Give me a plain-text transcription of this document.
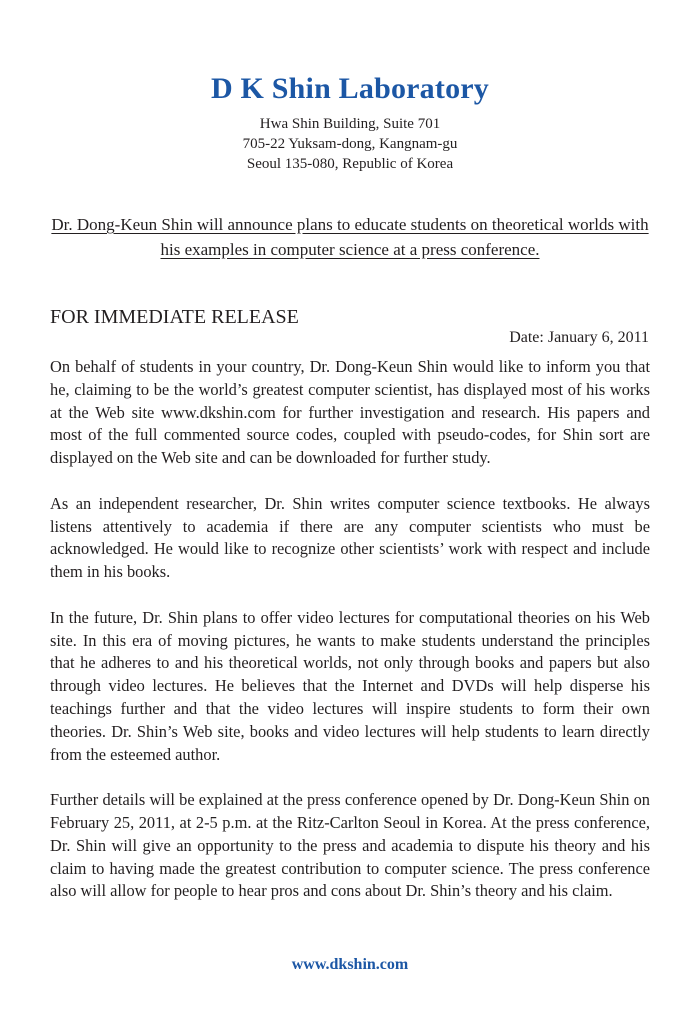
D K Shin Laboratory
Hwa Shin Building, Suite 701
705-22 Yuksam-dong, Kangnam-gu
Seoul 135-080, Republic of Korea
Dr. Dong-Keun Shin will announce plans to educate students on theoretical worlds with his examples in computer science at a press conference.
FOR IMMEDIATE RELEASE
Date: January 6, 2011

On behalf of students in your country, Dr. Dong-Keun Shin would like to inform you that he, claiming to be the world’s greatest computer scientist, has displayed most of his works at the Web site www.dkshin.com for further investigation and research. His papers and most of the full commented source codes, coupled with pseudo-codes, for Shin sort are displayed on the Web site and can be downloaded for further study.

As an independent researcher, Dr. Shin writes computer science textbooks. He always listens attentively to academia if there are any computer scientists who must be acknowledged. He would like to recognize other scientists’ work with respect and include them in his books.

In the future, Dr. Shin plans to offer video lectures for computational theories on his Web site. In this era of moving pictures, he wants to make students understand the principles that he adheres to and his theoretical worlds, not only through books and papers but also through video lectures. He believes that the Internet and DVDs will help disperse his teachings further and that the video lectures will inspire students to form their own theories. Dr. Shin’s Web site, books and video lectures will help students to learn directly from the esteemed author.

Further details will be explained at the press conference opened by Dr. Dong-Keun Shin on February 25, 2011, at 2-5 p.m. at the Ritz-Carlton Seoul in Korea. At the press conference, Dr. Shin will give an opportunity to the press and academia to dispute his theory and his claim to having made the greatest contribution to computer science. The press conference also will allow for people to hear pros and cons about Dr. Shin’s theory and his claim.

www.dkshin.com
